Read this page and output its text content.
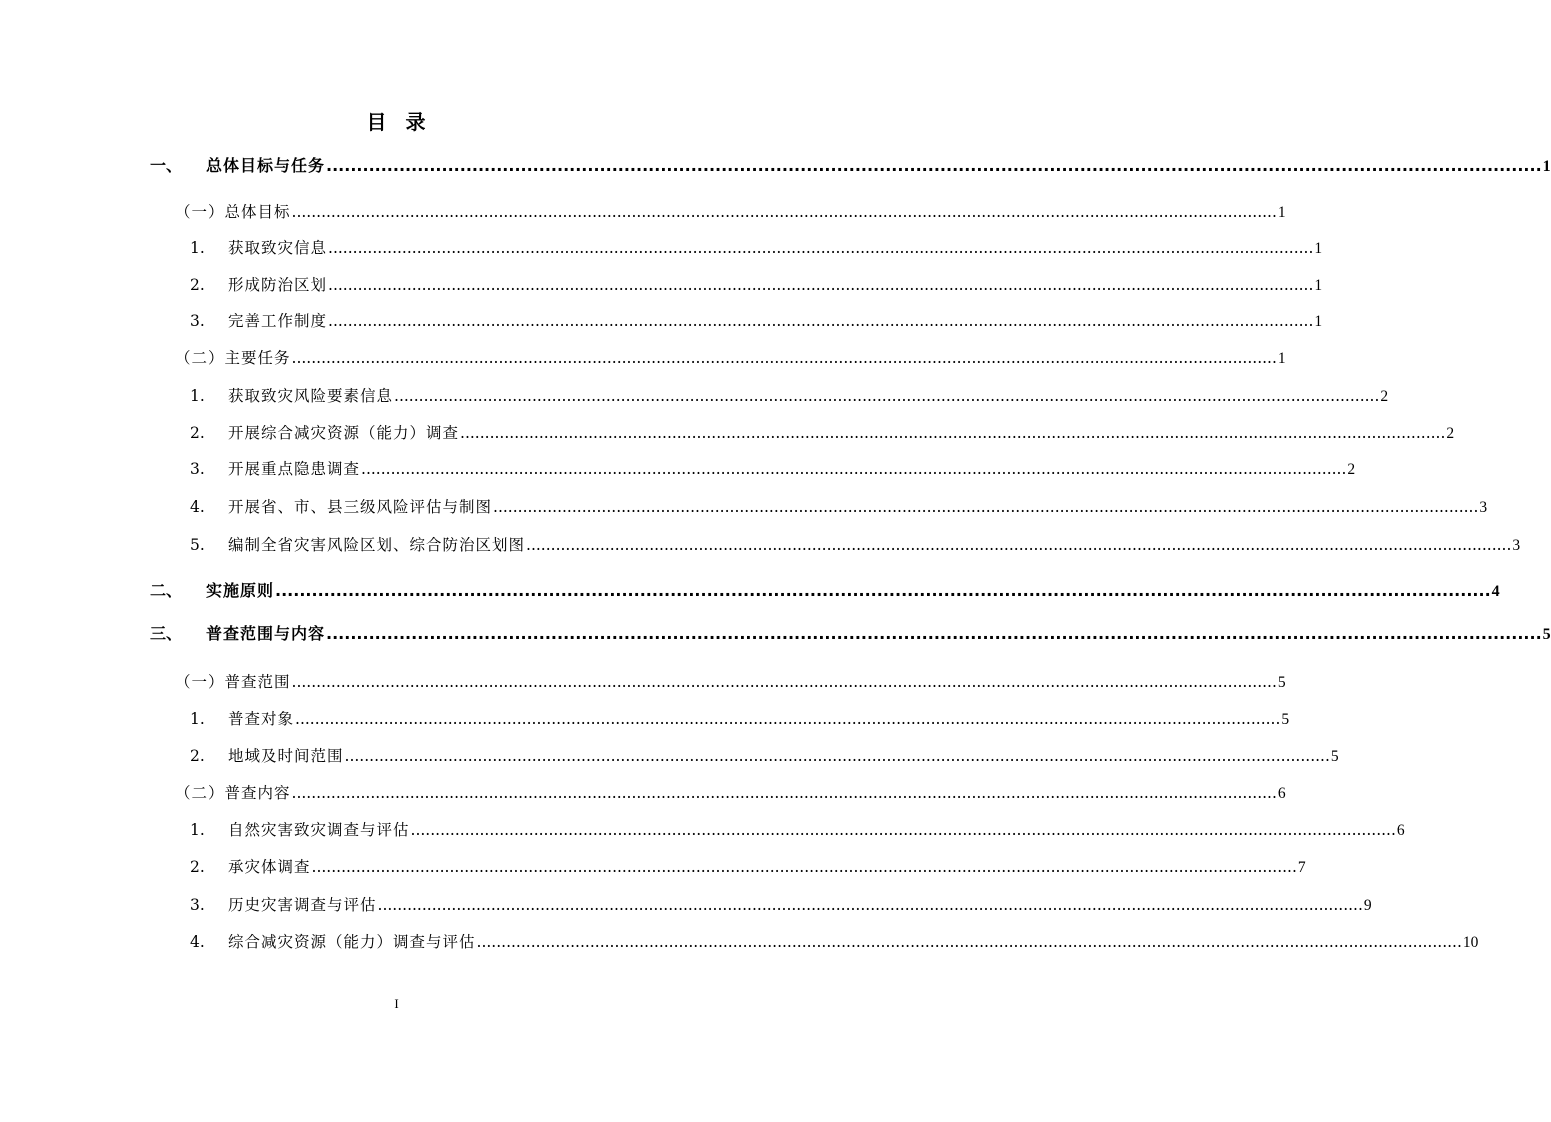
目 录
一、	总体目标与任务 ........................................................................................................................................................................................................ 1
（一）总体目标 ........................................................................................................................................................................................................ 1
1.	获取致灾信息 ........................................................................................................................................................................................................ 1
2.	形成防治区划 ........................................................................................................................................................................................................ 1
3.	完善工作制度 ........................................................................................................................................................................................................ 1
（二）主要任务 ........................................................................................................................................................................................................ 1
1.	获取致灾风险要素信息 ........................................................................................................................................................................................................ 2
2.	开展综合减灾资源（能力）调查 ........................................................................................................................................................................................................ 2
3.	开展重点隐患调查 ........................................................................................................................................................................................................ 2
4.	开展省、市、县三级风险评估与制图 ........................................................................................................................................................................................................ 3
5.	编制全省灾害风险区划、综合防治区划图 ........................................................................................................................................................................................................ 3
二、	实施原则 ........................................................................................................................................................................................................ 4
三、	普查范围与内容 ........................................................................................................................................................................................................ 5
（一）普查范围 ........................................................................................................................................................................................................ 5
1.	普查对象 ........................................................................................................................................................................................................ 5
2.	地域及时间范围 ........................................................................................................................................................................................................ 5
（二）普查内容 ........................................................................................................................................................................................................ 6
1.	自然灾害致灾调查与评估 ........................................................................................................................................................................................................ 6
2.	承灾体调查 ........................................................................................................................................................................................................ 7
3.	历史灾害调查与评估 ........................................................................................................................................................................................................ 9
4.	综合减灾资源（能力）调查与评估 ........................................................................................................................................................................................................ 10
I
